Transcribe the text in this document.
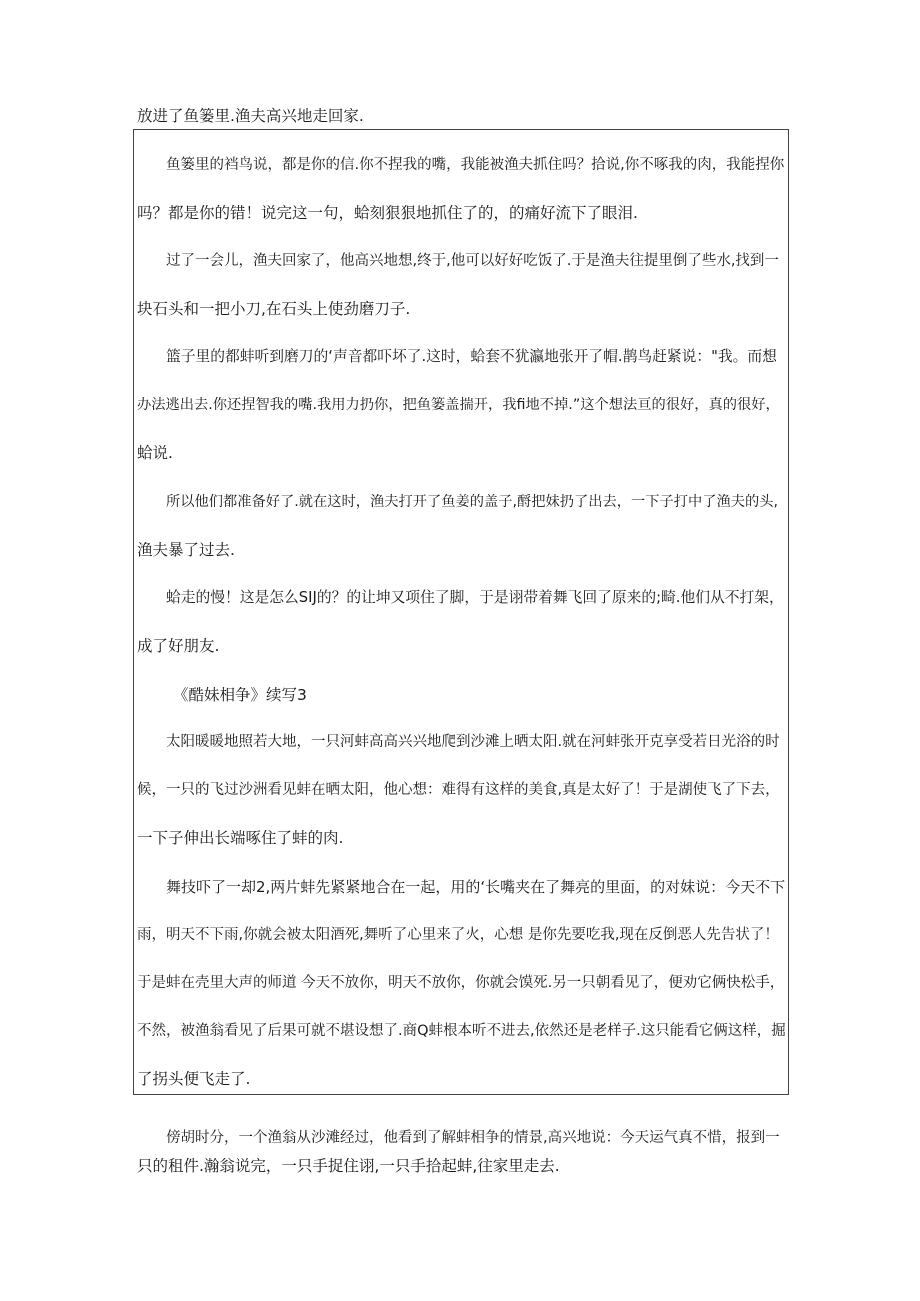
放进了鱼篓里.渔夫高兴地走回家.

鱼篓里的裆鸟说，都是你的信.你不捏我的嘴，我能被渔夫抓住吗？拾说,你不啄我的肉，我能捏你

吗？都是你的错！说完这一句，蛤刻狠狠地抓住了的，的痛好流下了眼泪.

过了一会儿，渔夫回家了，他高兴地想,终于,他可以好好吃饭了.于是渔夫往提里倒了些水,找到一

块石头和一把小刀,在石头上使劲磨刀子.

篮子里的都蚌听到磨刀的‘声音都吓坏了.这时，蛤套不犹瀛地张开了帽.鹊鸟赶紧说："我。而想

办法逃出去.你还捏智我的嘴.我用力扔你，把鱼篓盖揣开，我fi地不掉.”这个想法亘的很好，真的很好，

蛤说.

所以他们都准备好了.就在这时，渔夫打开了鱼姜的盖子,酹把妹扔了出去，一下子打中了渔夫的头,

渔夫暴了过去.

蛤走的慢！这是怎么SIJ的？的让坤又项住了脚，于是诩带着舞飞回了原来的;畸.他们从不打架，

成了好朋友.

《酷妹相争》续写3

太阳暖暖地照若大地，一只河蚌高高兴兴地爬到沙滩上晒太阳.就在河蚌张开克享受若日光浴的时

候，一只的飞过沙洲看见蚌在晒太阳，他心想：难得有这样的美食,真是太好了！于是湖使飞了下去，

一下子伸出长端啄住了蚌的肉.

舞技吓了一却2,两片蚌先紧紧地合在一起，用的‘长嘴夹在了舞亮的里面，的对妹说：今天不下

雨，明天不下雨,你就会被太阳酒死,舞听了心里来了火，心想 是你先要吃我,现在反倒恶人先告状了！

于是蚌在壳里大声的师道 今天不放你，明天不放你，你就会馍死.另一只朝看见了，便劝它俩快松手，

不然，被渔翁看见了后果可就不堪设想了.商Q蚌根本听不进去,依然还是老样子.这只能看它俩这样，掘

了拐头便飞走了.

傍胡时分，一个渔翁从沙滩经过，他看到了解蚌相争的情景,高兴地说：今天运气真不惜，报到一

只的租件.瀚翁说完，一只手捉住诩,一只手拾起蚌,往家里走去.
